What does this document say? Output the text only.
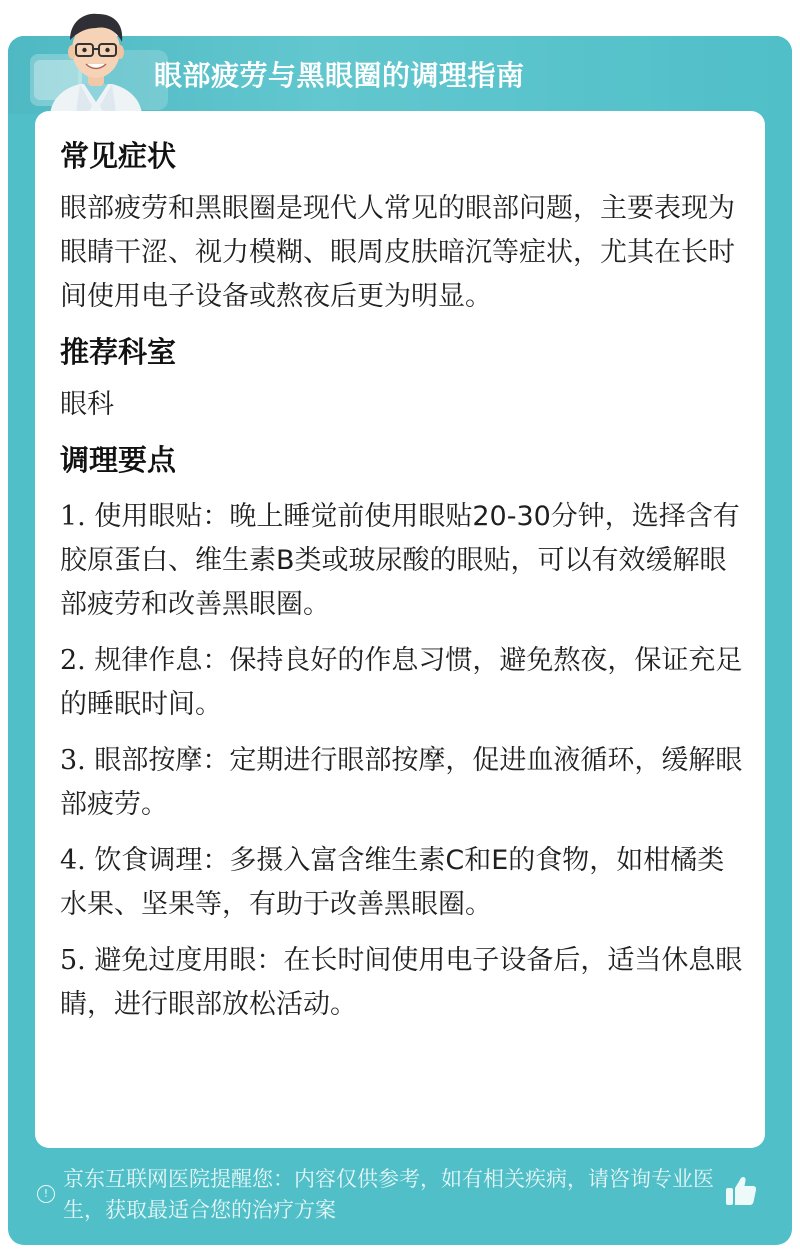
眼部疲劳与黑眼圈的调理指南
!
京东互联网医院提醒您：内容仅供参考，如有相关疾病，请咨询专业医生，获取最适合您的治疗方案
常见症状

眼部疲劳和黑眼圈是现代人常见的眼部问题，主要表现为眼睛干涩、视力模糊、眼周皮肤暗沉等症状，尤其在长时间使用电子设备或熬夜后更为明显。

推荐科室

眼科

调理要点
1. 使用眼贴：晚上睡觉前使用眼贴20-30分钟，选择含有胶原蛋白、维生素B类或玻尿酸的眼贴，可以有效缓解眼部疲劳和改善黑眼圈。
2. 规律作息：保持良好的作息习惯，避免熬夜，保证充足的睡眠时间。
3. 眼部按摩：定期进行眼部按摩，促进血液循环，缓解眼部疲劳。
4. 饮食调理：多摄入富含维生素C和E的食物，如柑橘类水果、坚果等，有助于改善黑眼圈。
5. 避免过度用眼：在长时间使用电子设备后，适当休息眼睛，进行眼部放松活动。
